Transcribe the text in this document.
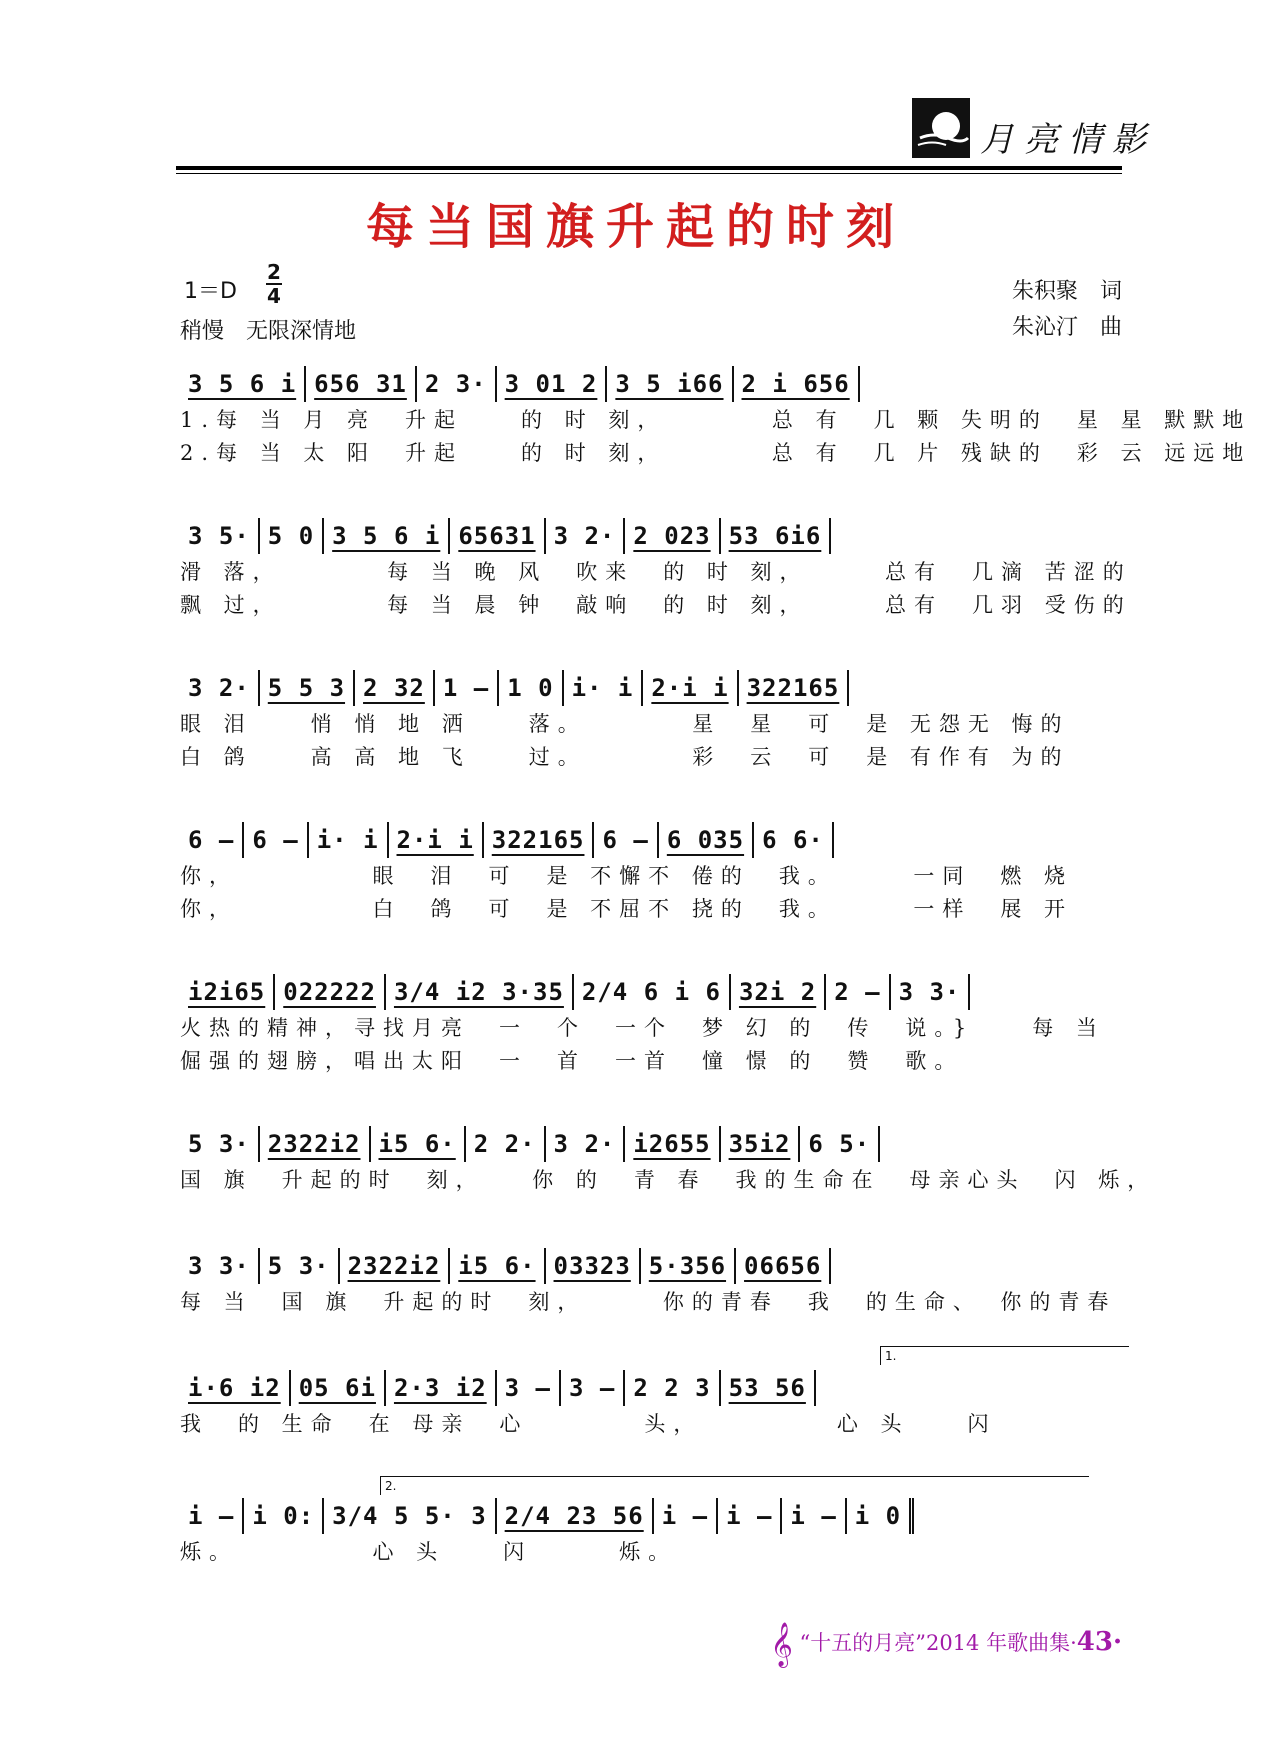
月亮情影
每当国旗升起的时刻
1＝D
2
4
稍慢　无限深情地
朱积聚　词
朱沁汀　曲
3 5 6 i 656 31 2 3· 3 01 2 3 5 i66 2 i 656
1.每 当 月 亮　升起　　的 时 刻，　　　　总 有　几 颗 失明的　星 星 默默地
2.每 当 太 阳　升起　　的 时 刻，　　　　总 有　几 片 残缺的　彩 云 远远地
3 5· 5 0 3 5 6 i 65631 3 2· 2 023 53 6i6
滑 落，　　　　每 当 晚 风　吹来　的 时 刻，　　　总有　几滴 苦涩的
飘 过，　　　　每 当 晨 钟　敲响　的 时 刻，　　　总有　几羽 受伤的
3 2· 5 5 3 2 32 1 — 1 0 i· i 2·i i 322165
眼 泪　　悄 悄 地 洒　　落。　　　　星　星　可　是 无怨无 悔的
白 鸽　　高 高 地 飞　　过。　　　　彩　云　可　是 有作有 为的
6 — 6 — i· i 2·i i 322165 6 — 6 035 6 6·
你，　　　　　眼　泪　可　是 不懈不 倦的　我。　　　一同　燃 烧
你，　　　　　白　鸽　可　是 不屈不 挠的　我。　　　一样　展 开
i2i65 022222 3/4 i2 3·35 2/4 6 i 6 32i 2 2 — 3 3·
火热的精神，寻找月亮　一　个　一个　梦 幻 的　传　说。}　　每 当
倔强的翅膀，唱出太阳　一　首　一首　憧 憬 的　赞　歌。
5 3· 2322i2 i5 6· 2 2· 3 2· i2655 35i2 6 5·
国 旗　升起的时　刻，　　你 的　青 春　我的生命在　母亲心头　闪 烁，
3 3· 5 3· 2322i2 i5 6· 03323 5·356 06656
每 当　国 旗　升起的时　刻，　　　你的青春　我　的生命、　你的青春
1.
i·6 i2 05 6i 2·3 i2 3 — 3 — 2 2 3 53 56
我　的 生命　在 母亲　心　　　　头，　　　　　心 头　　闪
2.
i — i 0: 3/4 5 5· 3 2/4 23 56 i — i — i — i 0
烁。　　　　　心 头　　闪　　　烁。
𝄞 “十五的月亮”2014 年歌曲集·43·
